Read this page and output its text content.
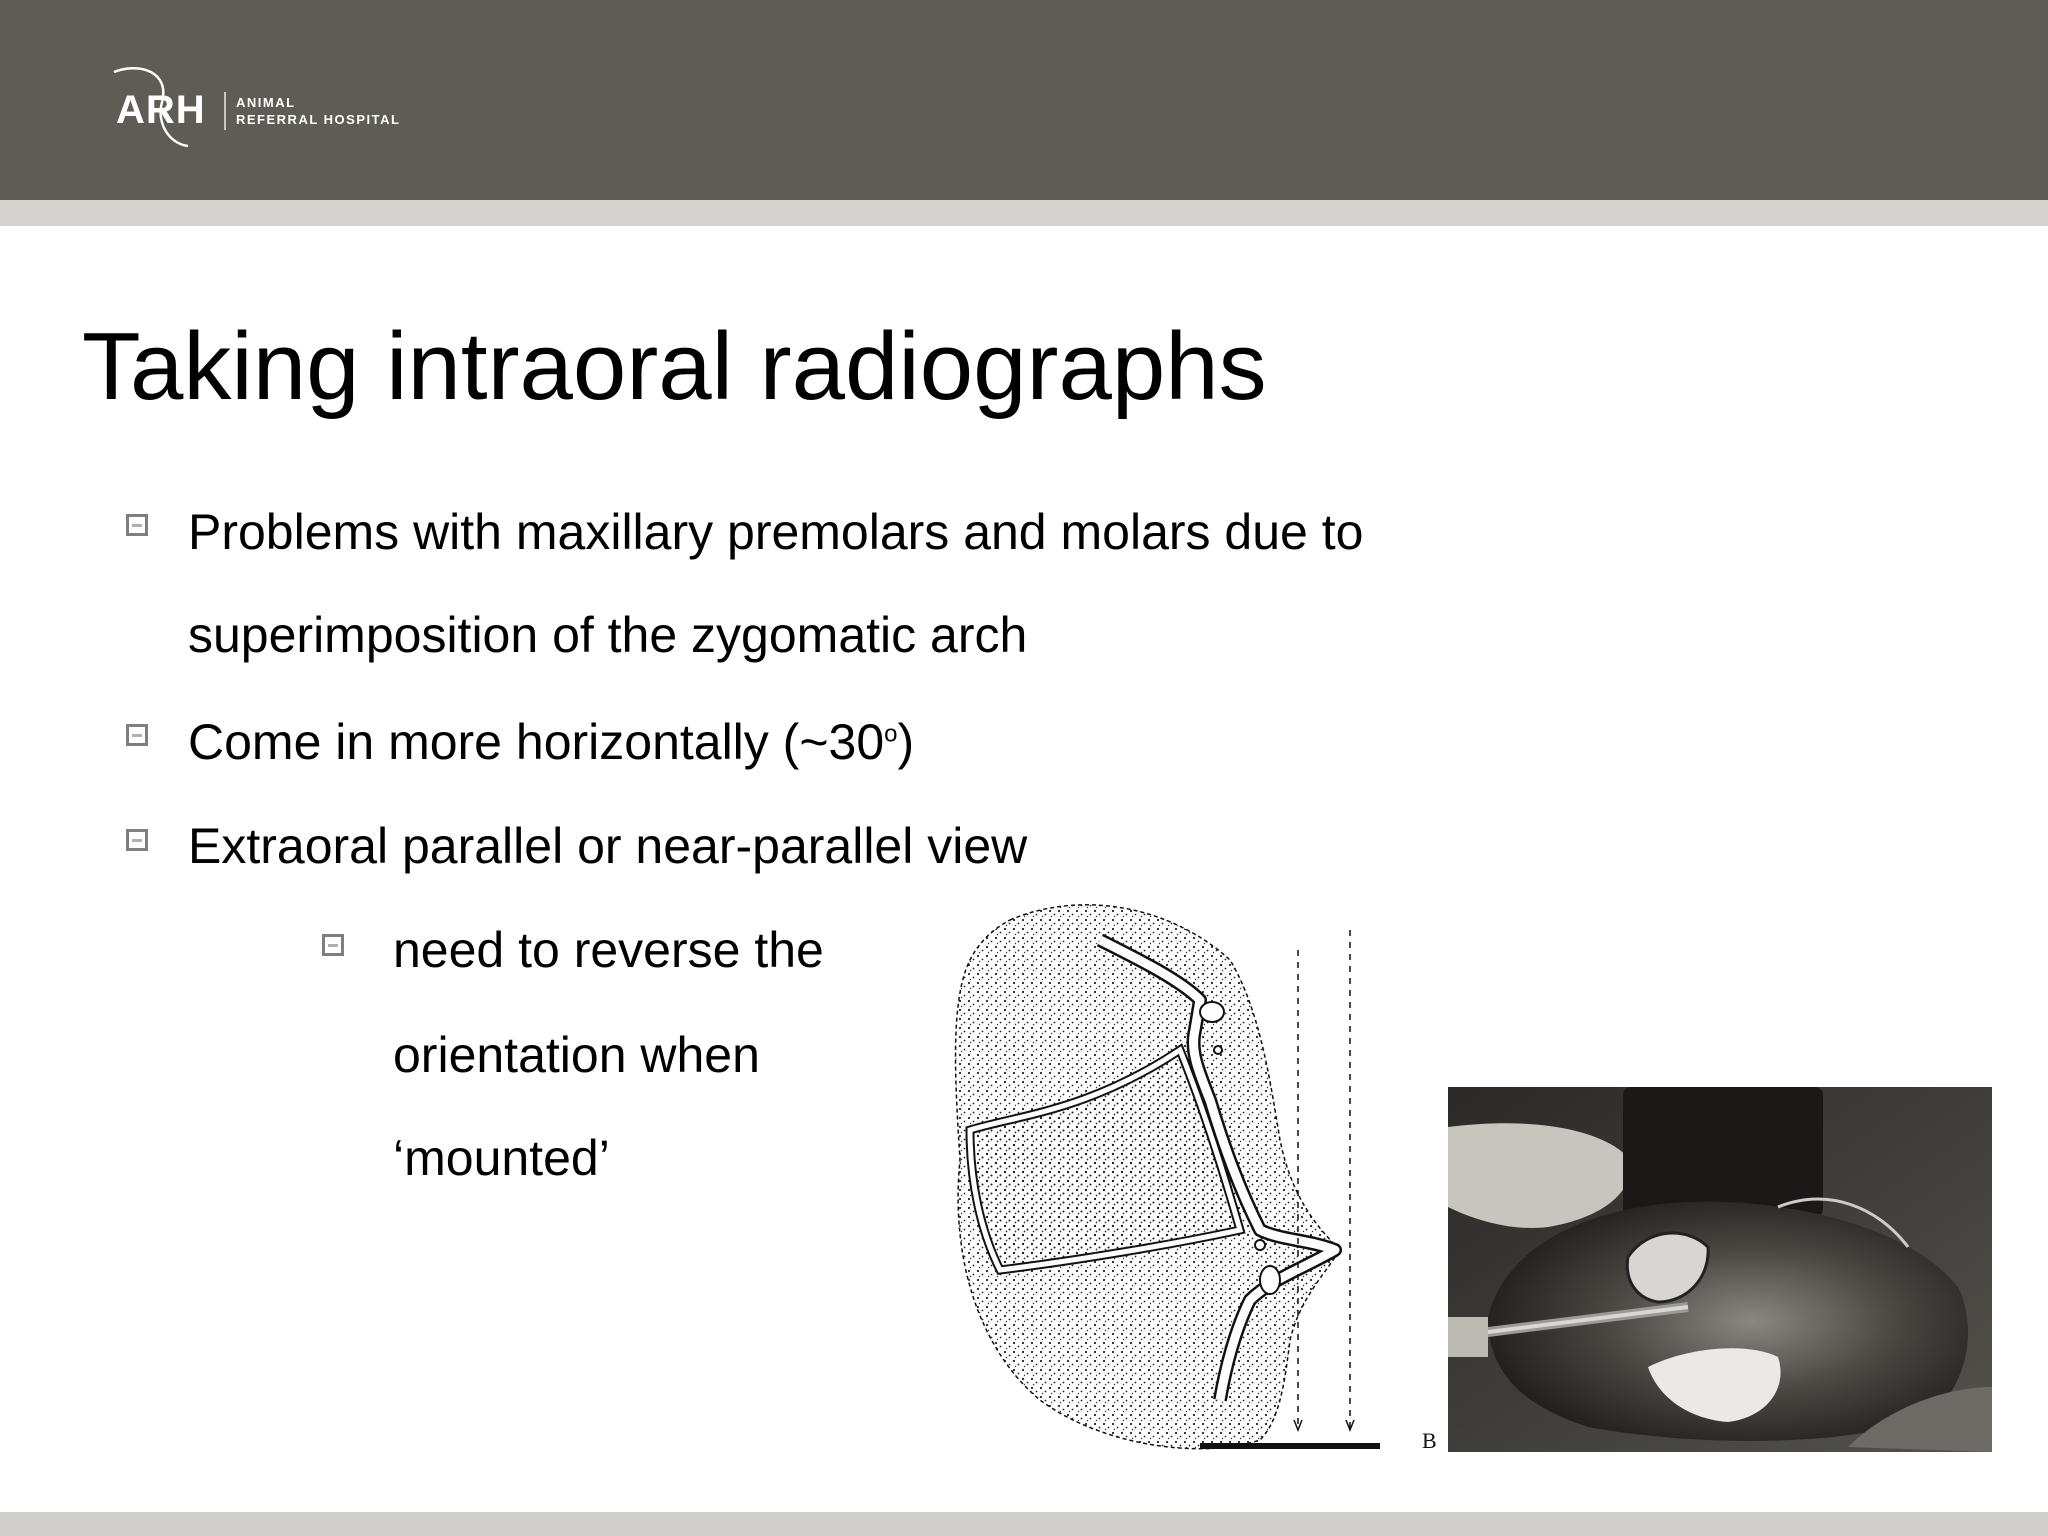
ARH ANIMAL
REFERRAL HOSPITAL
Taking intraoral radiographs
Problems with maxillary premolars and molars due to
superimposition of the zygomatic arch
Come in more horizontally (~30$^o$)
Extraoral parallel or near-parallel view
need to reverse the
orientation when
‘mounted’
B
